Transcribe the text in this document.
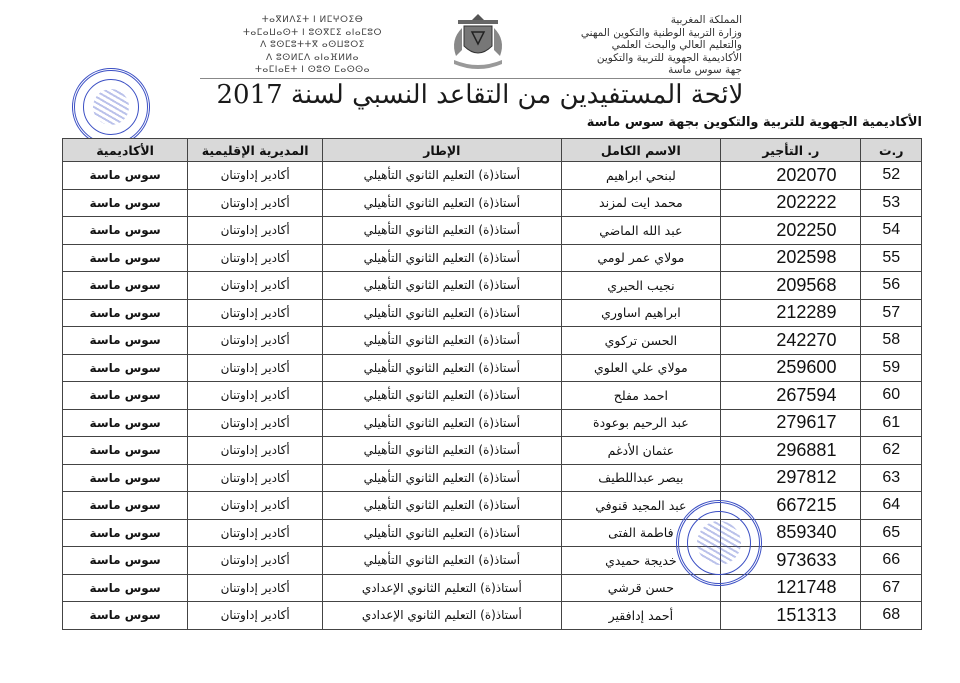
المملكة المغربية
وزارة التربية الوطنية والتكوين المهني
والتعليم العالي والبحث العلمي
الأكاديمية الجهوية للتربية والتكوين
جهة سوس ماسة
ⵜⴰⴳⵍⴷⵉⵜ ⵏ ⵍⵎⵖⵔⵉⴱ
ⵜⴰⵎⴰⵡⴰⵙⵜ ⵏ ⵓⵙⴳⵎⵉ ⴰⵏⴰⵎⵓⵔ
ⴷ ⵓⵙⵎⵓⵜⵜⴳ ⴰⵙⵡⵓⵔⵉ
ⴷ ⵓⵙⵍⵎⴷ ⴰⵏⴰⴼⵍⵍⴰ
ⵜⴰⵎⵏⴰⴹⵜ ⵏ ⵙⵓⵙ ⵎⴰⵙⵙⴰ
لائحة المستفيدين من التقاعد النسبي لسنة 2017
الأكاديمية الجهوية للتربية والتكوين بجهة سوس ماسة
ر.ت	ر. التأجير	الاسم الكامل	الإطار	المديرية الإقليمية	الأكاديمية
52	202070	لبنحي ابراهيم	أستاذ(ة) التعليم الثانوي التأهيلي	أكادير إداوتنان	سوس ماسة
53	202222	محمد ايت لمزند	أستاذ(ة) التعليم الثانوي التأهيلي	أكادير إداوتنان	سوس ماسة
54	202250	عبد الله الماضي	أستاذ(ة) التعليم الثانوي التأهيلي	أكادير إداوتنان	سوس ماسة
55	202598	مولاي عمر لومي	أستاذ(ة) التعليم الثانوي التأهيلي	أكادير إداوتنان	سوس ماسة
56	209568	نجيب الحيري	أستاذ(ة) التعليم الثانوي التأهيلي	أكادير إداوتنان	سوس ماسة
57	212289	ابراهيم اساوري	أستاذ(ة) التعليم الثانوي التأهيلي	أكادير إداوتنان	سوس ماسة
58	242270	الحسن تركوي	أستاذ(ة) التعليم الثانوي التأهيلي	أكادير إداوتنان	سوس ماسة
59	259600	مولاي علي العلوي	أستاذ(ة) التعليم الثانوي التأهيلي	أكادير إداوتنان	سوس ماسة
60	267594	احمد مفلح	أستاذ(ة) التعليم الثانوي التأهيلي	أكادير إداوتنان	سوس ماسة
61	279617	عبد الرحيم بوعودة	أستاذ(ة) التعليم الثانوي التأهيلي	أكادير إداوتنان	سوس ماسة
62	296881	عثمان الأدغم	أستاذ(ة) التعليم الثانوي التأهيلي	أكادير إداوتنان	سوس ماسة
63	297812	بيصر عبداللطيف	أستاذ(ة) التعليم الثانوي التأهيلي	أكادير إداوتنان	سوس ماسة
64	667215	عبد المجيد قنوفي	أستاذ(ة) التعليم الثانوي التأهيلي	أكادير إداوتنان	سوس ماسة
65	859340	فاطمة الفتى	أستاذ(ة) التعليم الثانوي التأهيلي	أكادير إداوتنان	سوس ماسة
66	973633	خديجة حميدي	أستاذ(ة) التعليم الثانوي التأهيلي	أكادير إداوتنان	سوس ماسة
67	121748	حسن قرشي	أستاذ(ة) التعليم الثانوي الإعدادي	أكادير إداوتنان	سوس ماسة
68	151313	أحمد إدافقير	أستاذ(ة) التعليم الثانوي الإعدادي	أكادير إداوتنان	سوس ماسة
